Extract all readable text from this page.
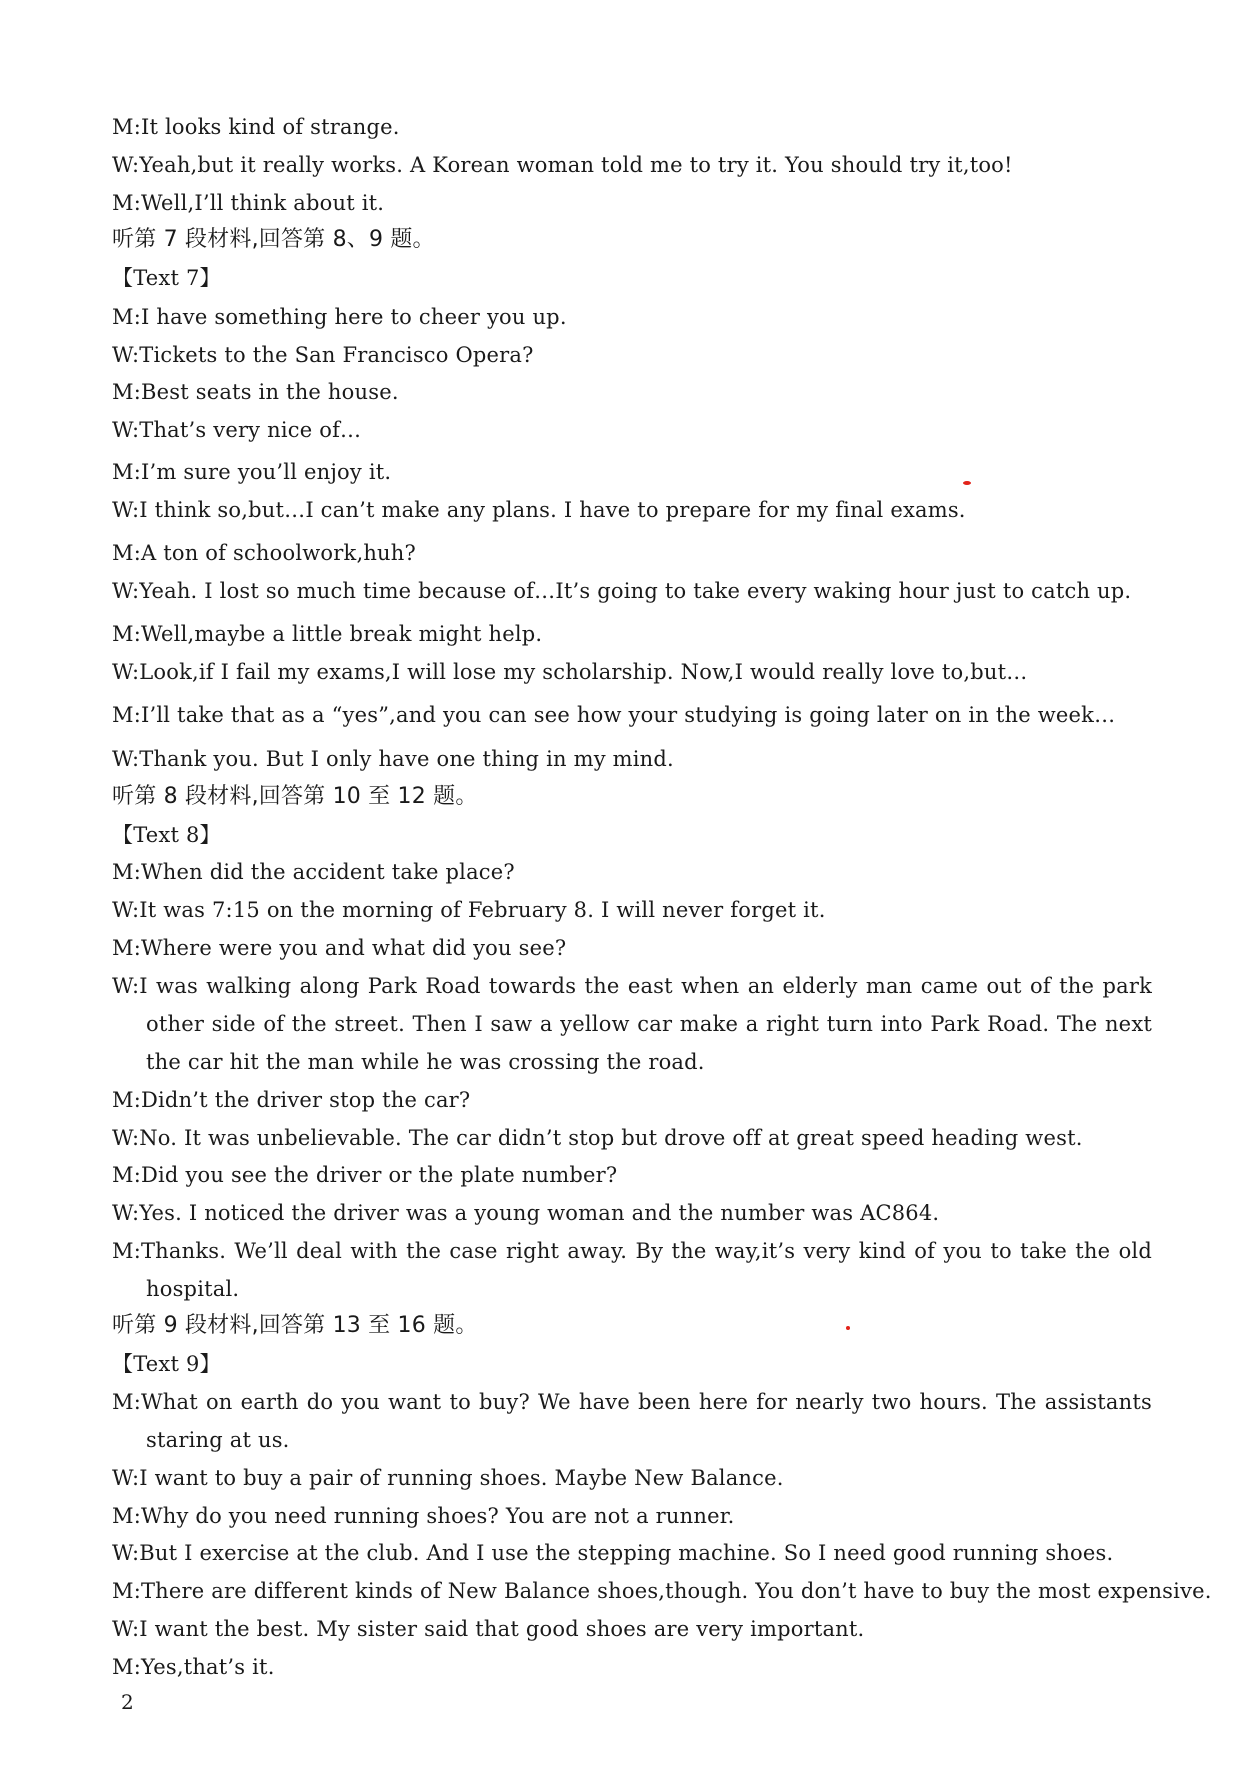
M:It looks kind of strange.
W:Yeah,but it really works. A Korean woman told me to try it. You should try it,too!
M:Well,I’ll think about it.
听第 7 段材料,回答第 8、9 题。
【Text 7】
M:I have something here to cheer you up.
W:Tickets to the San Francisco Opera?
M:Best seats in the house.
W:That’s very nice of…
M:I’m sure you’ll enjoy it.
W:I think so,but…I can’t make any plans. I have to prepare for my final exams.
M:A ton of schoolwork,huh?
W:Yeah. I lost so much time because of…It’s going to take every waking hour just to catch up.
M:Well,maybe a little break might help.
W:Look,if I fail my exams,I will lose my scholarship. Now,I would really love to,but…
M:I’ll take that as a “yes”,and you can see how your studying is going later on in the week…
W:Thank you. But I only have one thing in my mind.
听第 8 段材料,回答第 10 至 12 题。
【Text 8】
M:When did the accident take place?
W:It was 7:15 on the morning of February 8. I will never forget it.
M:Where were you and what did you see?
W:I was walking along Park Road towards the east when an elderly man came out of the park
other side of the street. Then I saw a yellow car make a right turn into Park Road. The next
the car hit the man while he was crossing the road.
M:Didn’t the driver stop the car?
W:No. It was unbelievable. The car didn’t stop but drove off at great speed heading west.
M:Did you see the driver or the plate number?
W:Yes. I noticed the driver was a young woman and the number was AC864.
M:Thanks. We’ll deal with the case right away. By the way,it’s very kind of you to take the old
hospital.
听第 9 段材料,回答第 13 至 16 题。
【Text 9】
M:What on earth do you want to buy? We have been here for nearly two hours. The assistants
staring at us.
W:I want to buy a pair of running shoes. Maybe New Balance.
M:Why do you need running shoes? You are not a runner.
W:But I exercise at the club. And I use the stepping machine. So I need good running shoes.
M:There are different kinds of New Balance shoes,though. You don’t have to buy the most expensive.
W:I want the best. My sister said that good shoes are very important.
M:Yes,that’s it.
2
